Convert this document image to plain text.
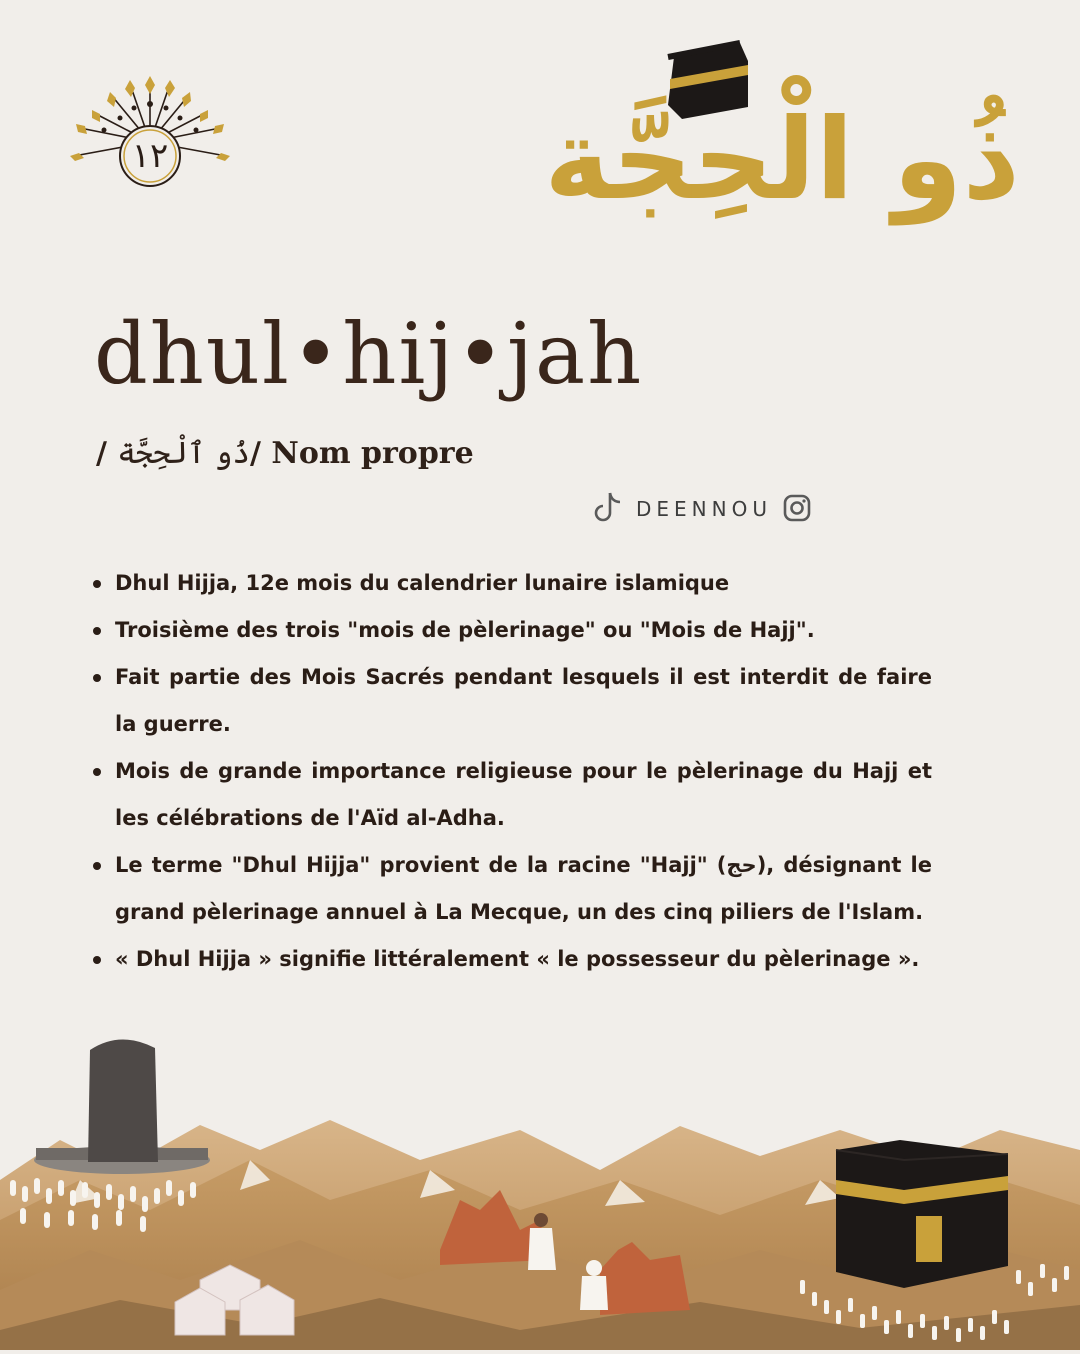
١٢	ذُو الْحِجَّة
dhul•hij•jah
/ ذُو ٱلْحِجَّة/ Nom propre
DEENNOU
Dhul Hijja, 12e mois du calendrier lunaire islamique
Troisième des trois "mois de pèlerinage" ou "Mois de Hajj".
Fait partie des Mois Sacrés pendant lesquels il est interdit de faire la guerre.
Mois de grande importance religieuse pour le pèlerinage du Hajj et les célébrations de l'Aïd al-Adha.
Le terme "Dhul Hijja" provient de la racine "Hajj" (حج), désignant le grand pèlerinage annuel à La Mecque, un des cinq piliers de l'Islam.
« Dhul Hijja » signifie littéralement « le possesseur du pèlerinage ».
